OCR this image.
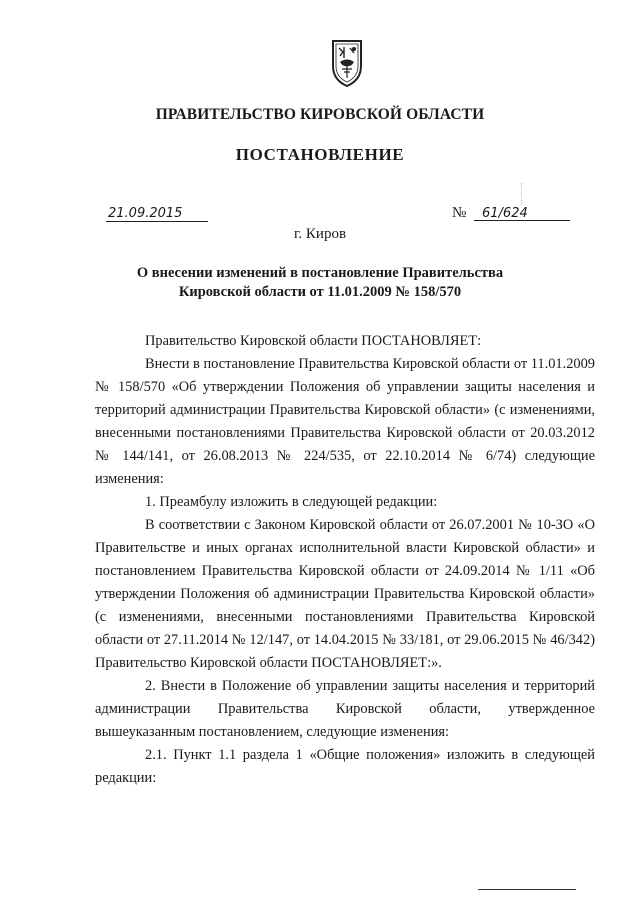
ПРАВИТЕЛЬСТВО КИРОВСКОЙ ОБЛАСТИ
ПОСТАНОВЛЕНИЕ
21.09.2015	№	61/624
г. Киров
О внесении изменений в постановление Правительства
Кировской области от 11.01.2009 № 158/570

Правительство Кировской области ПОСТАНОВЛЯЕТ:

Внести в постановление Правительства Кировской области от 11.01.2009 № 158/570 «Об утверждении Положения об управлении защиты населения и территорий администрации Правительства Кировской области» (с изменениями, внесенными постановлениями Правительства Кировской области от 20.03.2012 № 144/141, от 26.08.2013 № 224/535, от 22.10.2014 № 6/74) следующие изменения:

1. Преамбулу изложить в следующей редакции:

В соответствии с Законом Кировской области от 26.07.2001 № 10-ЗО «О Правительстве и иных органах исполнительной власти Кировской области» и постановлением Правительства Кировской области от 24.09.2014 № 1/11 «Об утверждении Положения об администрации Правительства Кировской области» (с изменениями, внесенными постановлениями Правительства Кировской области от 27.11.2014 № 12/147, от 14.04.2015 № 33/181, от 29.06.2015 № 46/342) Правительство Кировской области ПОСТАНОВЛЯЕТ:».

2. Внести в Положение об управлении защиты населения и территорий администрации Правительства Кировской области, утвержденное вышеуказанным постановлением, следующие изменения:

2.1. Пункт 1.1 раздела 1 «Общие положения» изложить в следующей редакции:
